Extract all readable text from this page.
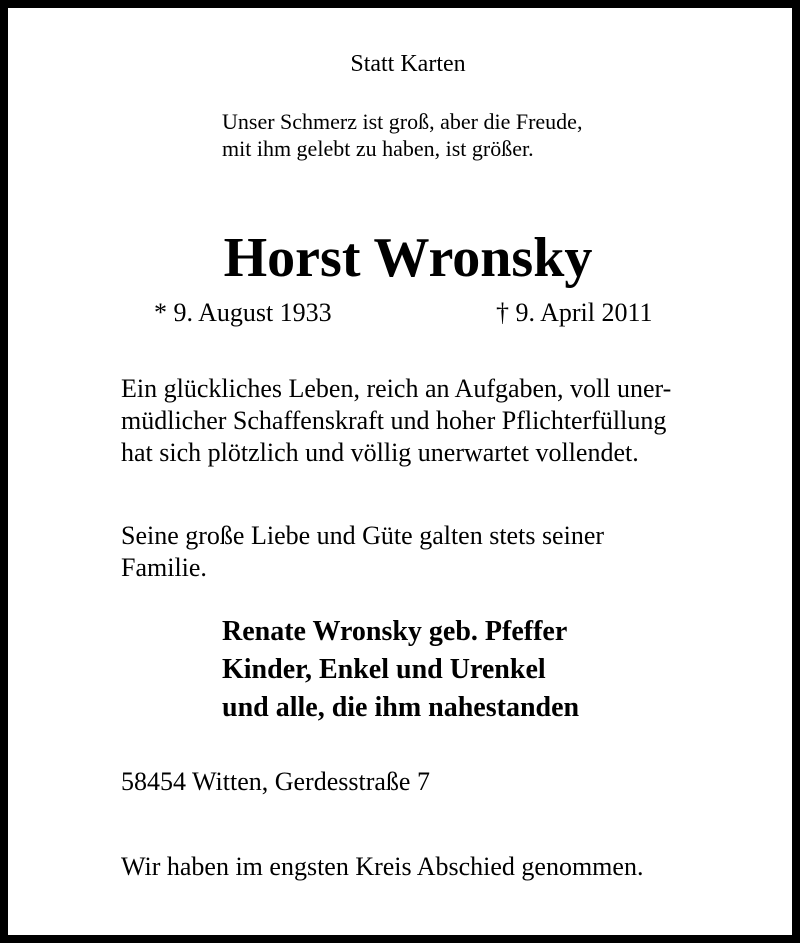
Statt Karten
Unser Schmerz ist groß, aber die Freude,
mit ihm gelebt zu haben, ist größer.
Horst Wronsky
* 9. August 1933	† 9. April 2011
Ein glückliches Leben, reich an Aufgaben, voll uner-
müdlicher Schaffenskraft und hoher Pflichterfüllung
hat sich plötzlich und völlig unerwartet vollendet.
Seine große Liebe und Güte galten stets seiner
Familie.
Renate Wronsky geb. Pfeffer
Kinder, Enkel und Urenkel
und alle, die ihm nahestanden
58454 Witten, Gerdesstraße 7
Wir haben im engsten Kreis Abschied genommen.
